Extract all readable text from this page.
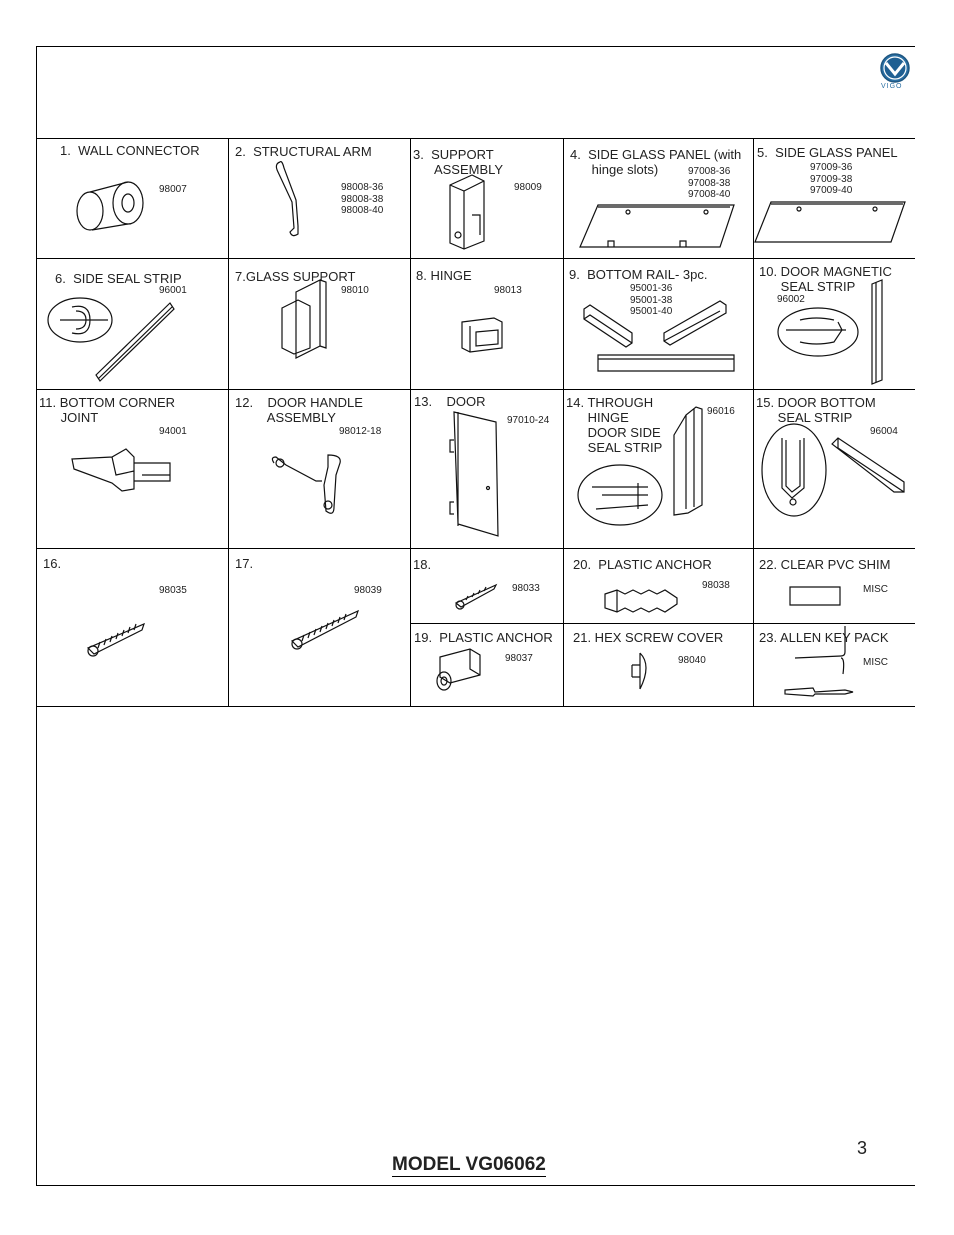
VIGO
1.  WALL CONNECTOR
98007
2.  STRUCTURAL ARM
98008-36
98008-38
98008-40
3.  SUPPORT
ASSEMBLY
98009
4.  SIDE GLASS PANEL (with
hinge slots)	97008-36
97008-38
97008-40
5.  SIDE GLASS PANEL
97009-36
97009-38
97009-40
6.  SIDE SEAL STRIP
96001
7.GLASS SUPPORT
98010
8. HINGE
98013
9.  BOTTOM RAIL- 3pc.
95001-36
95001-38
95001-40
10. DOOR MAGNETIC
SEAL STRIP
96002
11. BOTTOM CORNER
JOINT
94001
12.    DOOR HANDLE
ASSEMBLY
98012-18
13.    DOOR
97010-24
14. THROUGH
HINGE
DOOR SIDE
SEAL STRIP
96016
15. DOOR BOTTOM
SEAL STRIP
96004
16.
98035
17.
98039
18.
98033
19.  PLASTIC ANCHOR
98037
20.  PLASTIC ANCHOR
98038
21. HEX SCREW COVER
98040
22. CLEAR PVC SHIM
MISC
23. ALLEN KEY PACK
MISC
3
MODEL VG06062
